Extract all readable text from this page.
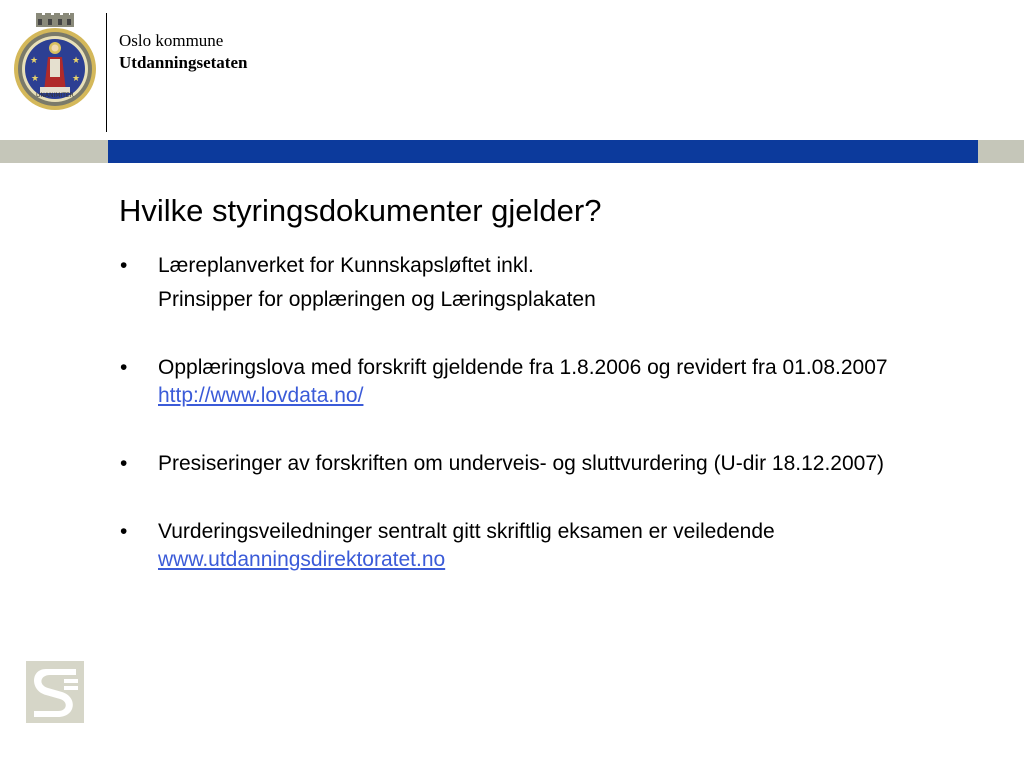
★
★
★
★
UNANIMITER
Oslo kommune
Utdanningsetaten
Hvilke styringsdokumenter gjelder?
• Læreplanverket for Kunnskapsløftet inkl.
Prinsipper for opplæringen og Læringsplakaten
• Opplæringslova med forskrift gjeldende fra 1.8.2006 og revidert fra 01.08.2007 http://www.lovdata.no/
• Presiseringer av forskriften om underveis- og sluttvurdering (U-dir 18.12.2007)
• Vurderingsveiledninger sentralt gitt skriftlig eksamen er veiledende www.utdanningsdirektoratet.no
